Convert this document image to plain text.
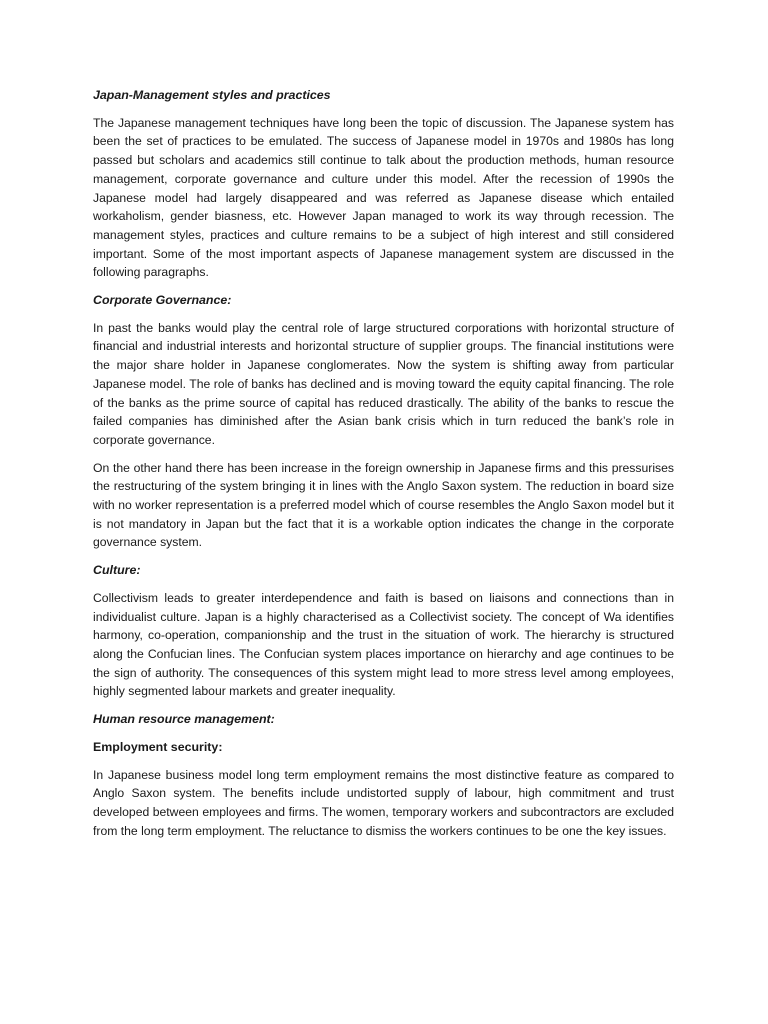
Japan-Management styles and practices

The Japanese management techniques have long been the topic of discussion. The Japanese system has been the set of practices to be emulated. The success of Japanese model in 1970s and 1980s has long passed but scholars and academics still continue to talk about the production methods, human resource management, corporate governance and culture under this model. After the recession of 1990s the Japanese model had largely disappeared and was referred as Japanese disease which entailed workaholism, gender biasness, etc. However Japan managed to work its way through recession. The management styles, practices and culture remains to be a subject of high interest and still considered important. Some of the most important aspects of Japanese management system are discussed in the following paragraphs.

Corporate Governance:

In past the banks would play the central role of large structured corporations with horizontal structure of financial and industrial interests and horizontal structure of supplier groups. The financial institutions were the major share holder in Japanese conglomerates. Now the system is shifting away from particular Japanese model. The role of banks has declined and is moving toward the equity capital financing. The role of the banks as the prime source of capital has reduced drastically. The ability of the banks to rescue the failed companies has diminished after the Asian bank crisis which in turn reduced the bank’s role in corporate governance.

On the other hand there has been increase in the foreign ownership in Japanese firms and this pressurises the restructuring of the system bringing it in lines with the Anglo Saxon system. The reduction in board size with no worker representation is a preferred model which of course resembles the Anglo Saxon model but it is not mandatory in Japan but the fact that it is a workable option indicates the change in the corporate governance system.

Culture:

Collectivism leads to greater interdependence and faith is based on liaisons and connections than in individualist culture. Japan is a highly characterised as a Collectivist society. The concept of Wa identifies harmony, co-operation, companionship and the trust in the situation of work. The hierarchy is structured along the Confucian lines. The Confucian system places importance on hierarchy and age continues to be the sign of authority. The consequences of this system might lead to more stress level among employees, highly segmented labour markets and greater inequality.

Human resource management:

Employment security:

In Japanese business model long term employment remains the most distinctive feature as compared to Anglo Saxon system. The benefits include undistorted supply of labour, high commitment and trust developed between employees and firms. The women, temporary workers and subcontractors are excluded from the long term employment. The reluctance to dismiss the workers continues to be one the key issues.
